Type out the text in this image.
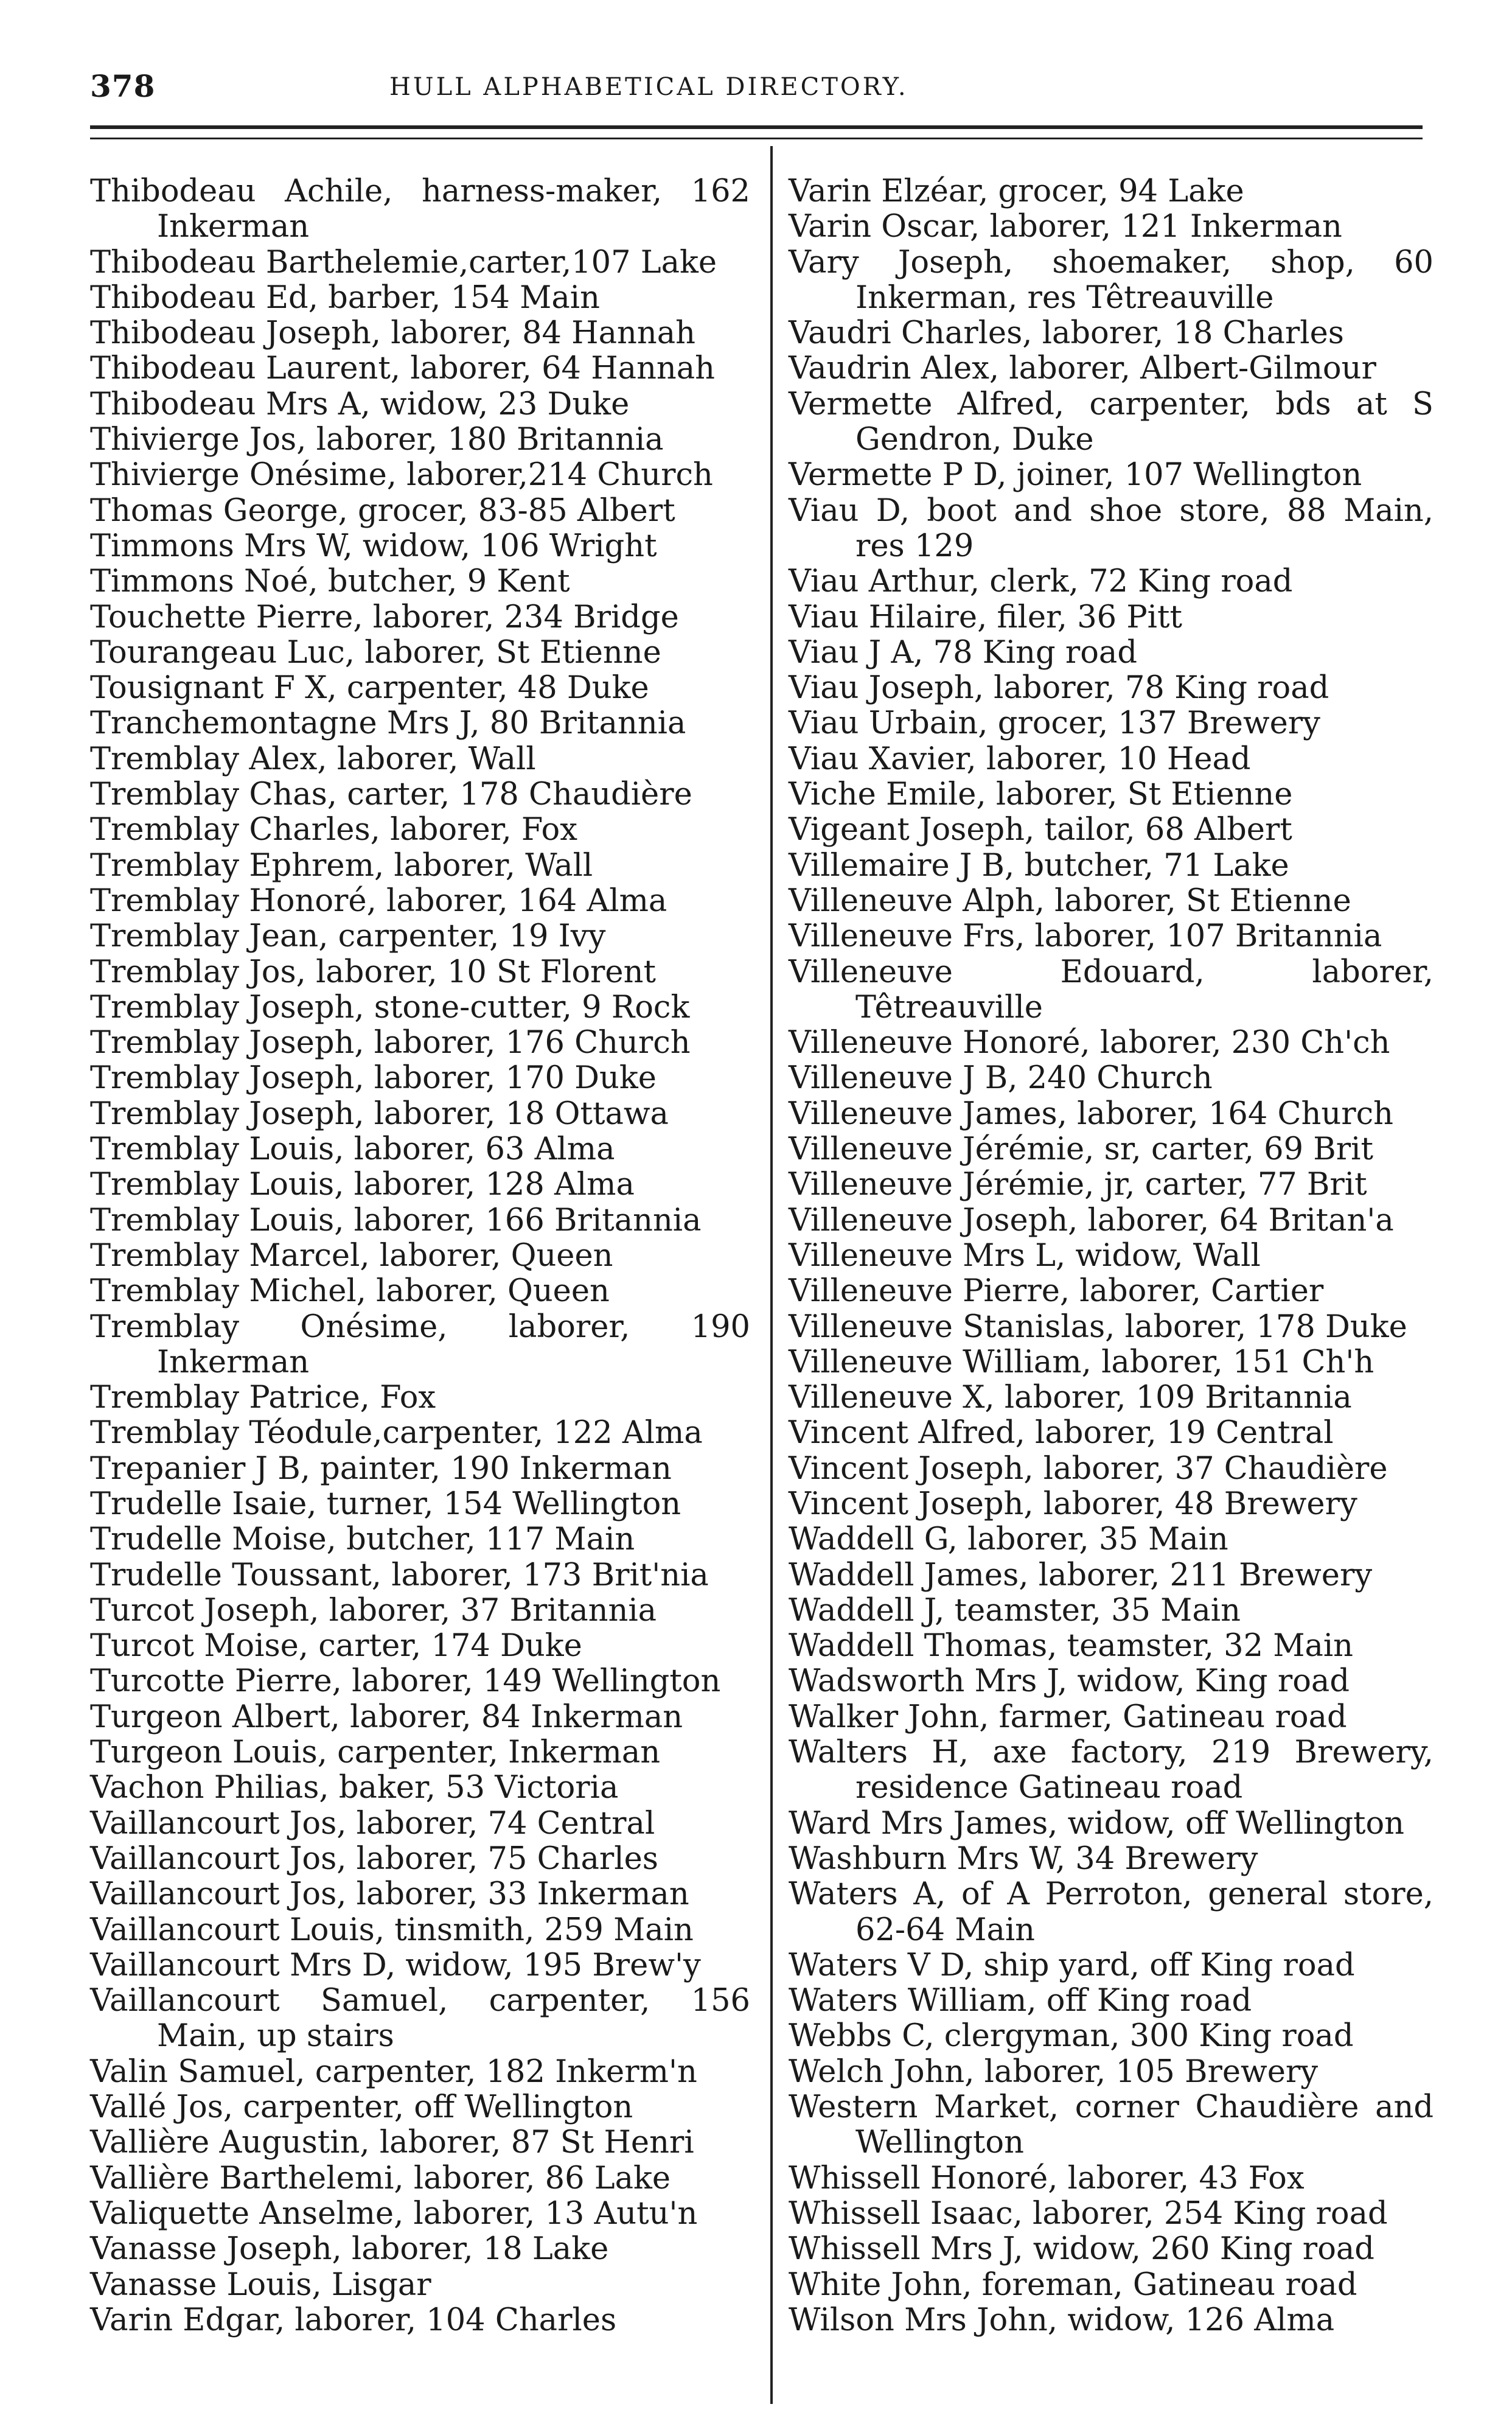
378	HULL ALPHABETICAL DIRECTORY.
Thibodeau Achile, harness-maker, 162 Inkerman
Thibodeau Barthelemie,carter,107 Lake
Thibodeau Ed, barber, 154 Main
Thibodeau Joseph, laborer, 84 Hannah
Thibodeau Laurent, laborer, 64 Hannah
Thibodeau Mrs A, widow, 23 Duke
Thivierge Jos, laborer, 180 Britannia
Thivierge Onésime, laborer,214 Church
Thomas George, grocer, 83-85 Albert
Timmons Mrs W, widow, 106 Wright
Timmons Noé, butcher, 9 Kent
Touchette Pierre, laborer, 234 Bridge
Tourangeau Luc, laborer, St Etienne
Tousignant F X, carpenter, 48 Duke
Tranchemontagne Mrs J, 80 Britannia
Tremblay Alex, laborer, Wall
Tremblay Chas, carter, 178 Chaudière
Tremblay Charles, laborer, Fox
Tremblay Ephrem, laborer, Wall
Tremblay Honoré, laborer, 164 Alma
Tremblay Jean, carpenter, 19 Ivy
Tremblay Jos, laborer, 10 St Florent
Tremblay Joseph, stone-cutter, 9 Rock
Tremblay Joseph, laborer, 176 Church
Tremblay Joseph, laborer, 170 Duke
Tremblay Joseph, laborer, 18 Ottawa
Tremblay Louis, laborer, 63 Alma
Tremblay Louis, laborer, 128 Alma
Tremblay Louis, laborer, 166 Britannia
Tremblay Marcel, laborer, Queen
Tremblay Michel, laborer, Queen
Tremblay Onésime, laborer, 190 Inkerman
Tremblay Patrice, Fox
Tremblay Téodule,carpenter, 122 Alma
Trepanier J B, painter, 190 Inkerman
Trudelle Isaie, turner, 154 Wellington
Trudelle Moise, butcher, 117 Main
Trudelle Toussant, laborer, 173 Brit'nia
Turcot Joseph, laborer, 37 Britannia
Turcot Moise, carter, 174 Duke
Turcotte Pierre, laborer, 149 Wellington
Turgeon Albert, laborer, 84 Inkerman
Turgeon Louis, carpenter, Inkerman
Vachon Philias, baker, 53 Victoria
Vaillancourt Jos, laborer, 74 Central
Vaillancourt Jos, laborer, 75 Charles
Vaillancourt Jos, laborer, 33 Inkerman
Vaillancourt Louis, tinsmith, 259 Main
Vaillancourt Mrs D, widow, 195 Brew'y
Vaillancourt Samuel, carpenter, 156 Main, up stairs
Valin Samuel, carpenter, 182 Inkerm'n
Vallé Jos, carpenter, off Wellington
Vallière Augustin, laborer, 87 St Henri
Vallière Barthelemi, laborer, 86 Lake
Valiquette Anselme, laborer, 13 Autu'n
Vanasse Joseph, laborer, 18 Lake
Vanasse Louis, Lisgar
Varin Edgar, laborer, 104 Charles
Varin Elzéar, grocer, 94 Lake
Varin Oscar, laborer, 121 Inkerman
Vary Joseph, shoemaker, shop, 60 Inkerman, res Têtreauville
Vaudri Charles, laborer, 18 Charles
Vaudrin Alex, laborer, Albert-Gilmour
Vermette Alfred, carpenter, bds at S Gendron, Duke
Vermette P D, joiner, 107 Wellington
Viau D, boot and shoe store, 88 Main, res 129
Viau Arthur, clerk, 72 King road
Viau Hilaire, filer, 36 Pitt
Viau J A, 78 King road
Viau Joseph, laborer, 78 King road
Viau Urbain, grocer, 137 Brewery
Viau Xavier, laborer, 10 Head
Viche Emile, laborer, St Etienne
Vigeant Joseph, tailor, 68 Albert
Villemaire J B, butcher, 71 Lake
Villeneuve Alph, laborer, St Etienne
Villeneuve Frs, laborer, 107 Britannia
Villeneuve Edouard, laborer, Têtreauville
Villeneuve Honoré, laborer, 230 Ch'ch
Villeneuve J B, 240 Church
Villeneuve James, laborer, 164 Church
Villeneuve Jérémie, sr, carter, 69 Brit
Villeneuve Jérémie, jr, carter, 77 Brit
Villeneuve Joseph, laborer, 64 Britan'a
Villeneuve Mrs L, widow, Wall
Villeneuve Pierre, laborer, Cartier
Villeneuve Stanislas, laborer, 178 Duke
Villeneuve William, laborer, 151 Ch'h
Villeneuve X, laborer, 109 Britannia
Vincent Alfred, laborer, 19 Central
Vincent Joseph, laborer, 37 Chaudière
Vincent Joseph, laborer, 48 Brewery
Waddell G, laborer, 35 Main
Waddell James, laborer, 211 Brewery
Waddell J, teamster, 35 Main
Waddell Thomas, teamster, 32 Main
Wadsworth Mrs J, widow, King road
Walker John, farmer, Gatineau road
Walters H, axe factory, 219 Brewery, residence Gatineau road
Ward Mrs James, widow, off Wellington
Washburn Mrs W, 34 Brewery
Waters A, of A Perroton, general store, 62-64 Main
Waters V D, ship yard, off King road
Waters William, off King road
Webbs C, clergyman, 300 King road
Welch John, laborer, 105 Brewery
Western Market, corner Chaudière and Wellington
Whissell Honoré, laborer, 43 Fox
Whissell Isaac, laborer, 254 King road
Whissell Mrs J, widow, 260 King road
White John, foreman, Gatineau road
Wilson Mrs John, widow, 126 Alma
